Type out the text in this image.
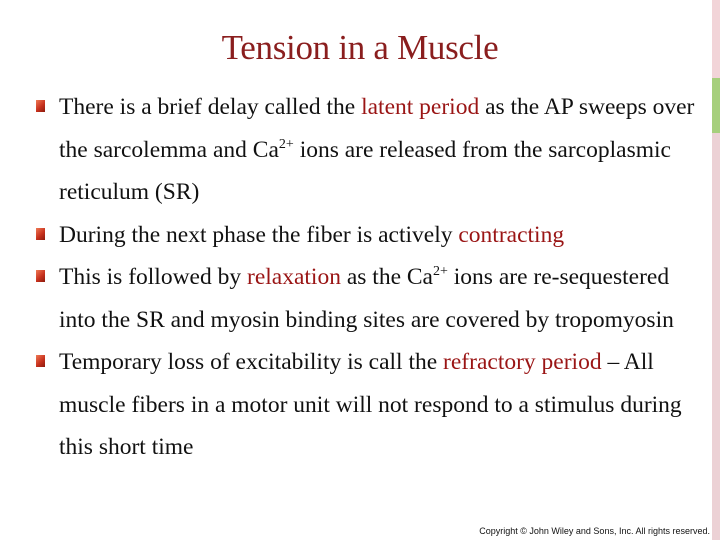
Tension in a Muscle
There is a brief delay called the latent period as the AP sweeps over the sarcolemma and $Ca^{2+}$ ions are released from the sarcoplasmic reticulum (SR)
During the next phase the fiber is actively contracting
This is followed by relaxation as the $Ca^{2+}$ ions are re-sequestered into the SR and myosin binding sites are covered by tropomyosin
Temporary loss of excitability is call the refractory period – All muscle fibers in a motor unit will not respond to a stimulus during this short time
Copyright © John Wiley and Sons, Inc. All rights reserved.
